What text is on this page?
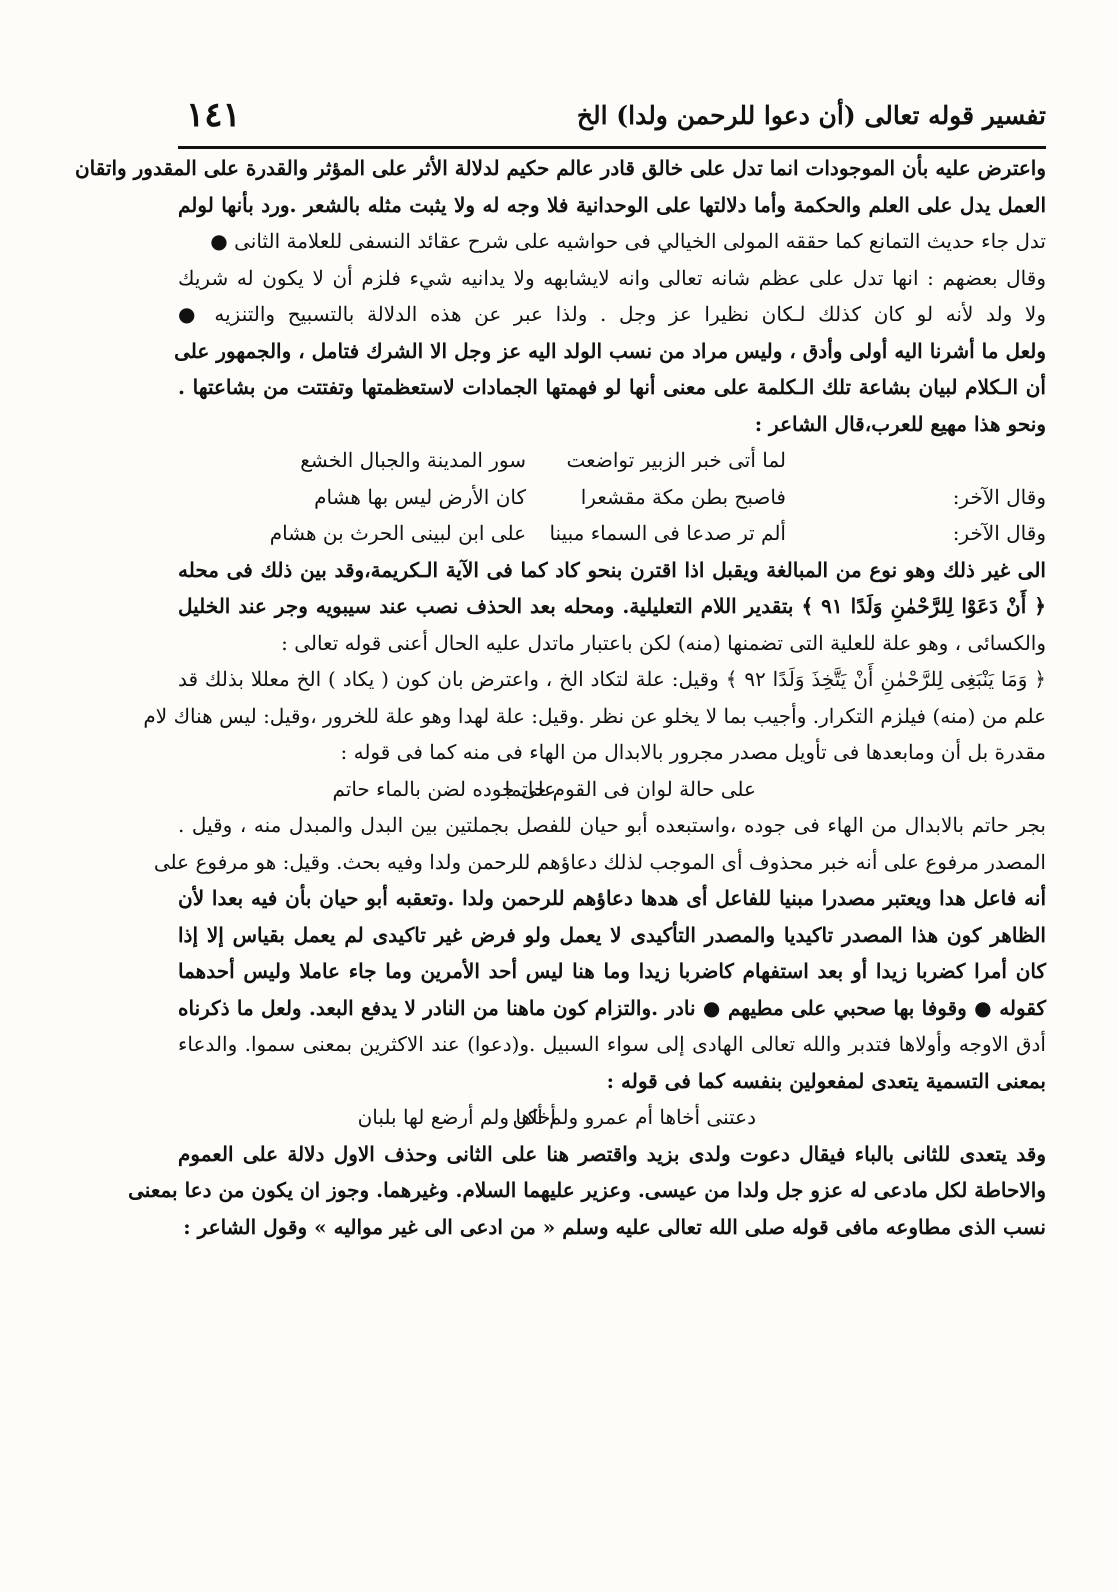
تفسير قوله تعالى (أن دعوا للرحمن ولدا) الخ
١٤١
واعترض عليه بأن الموجودات انما تدل على خالق قادر عالم حكيم لدلالة الأثر على المؤثر والقدرة على المقدور واتقان
العمل يدل على العلم والحكمة وأما دلالتها على الوحدانية فلا وجه له ولا يثبت مثله بالشعر .ورد بأنها لولم
تدل جاء حديث التمانع كما حققه المولى الخيالي فى حواشيه على شرح عقائد النسفى للعلامة الثانى ●
وقال بعضهم : انها تدل على عظم شانه تعالى وانه لايشابهه ولا يدانيه شيء فلزم أن لا يكون له شريك
ولا ولد لأنه لو كان كذلك لـكان نظيرا عز وجل . ولذا عبر عن هذه الدلالة بالتسبيح والتنزيه ●
ولعل ما أشرنا اليه أولى وأدق ، وليس مراد من نسب الولد اليه عز وجل الا الشرك فتامل ، والجمهور على
أن الـكلام لبيان بشاعة تلك الـكلمة على معنى أنها لو فهمتها الجمادات لاستعظمتها وتفتتت من بشاعتها .
ونحو هذا مهيع للعرب،قال الشاعر :
لما أتى خبر الزبير تواضعت
سور المدينة والجبال الخشع
وقال الآخر:
فاصبح بطن مكة مقشعرا
كان الأرض ليس بها هشام
وقال الآخر:
ألم تر صدعا فى السماء مبينا
على ابن لبينى الحرث بن هشام
الى غير ذلك وهو نوع من المبالغة ويقبل اذا اقترن بنحو كاد كما فى الآية الـكريمة،وقد بين ذلك فى محله
﴿ أَنْ دَعَوْا لِلرَّحْمٰنِ وَلَدًا ٩١ ﴾ بتقدير اللام التعليلية. ومحله بعد الحذف نصب عند سيبويه وجر عند الخليل
والكسائى ، وهو علة للعلية التى تضمنها (منه) لكن باعتبار ماتدل عليه الحال أعنى قوله تعالى :
﴿ وَمَا يَنْبَغِى لِلرَّحْمٰنِ أَنْ يَتَّخِذَ وَلَدًا ٩٢ ﴾ وقيل: علة لتكاد الخ ، واعترض بان كون ( يكاد ) الخ معللا بذلك قد
علم من (منه) فيلزم التكرار. وأجيب بما لا يخلو عن نظر .وقيل: علة لهدا وهو علة للخرور ،وقيل: ليس هناك لام
مقدرة بل أن ومابعدها فى تأويل مصدر مجرور بالابدال من الهاء فى منه كما فى قوله :
على حالة لوان فى القوم حاتما
على جوده لضن بالماء حاتم
بجر حاتم بالابدال من الهاء فى جوده ،واستبعده أبو حيان للفصل بجملتين بين البدل والمبدل منه ، وقيل .
المصدر مرفوع على أنه خبر محذوف أى الموجب لذلك دعاؤهم للرحمن ولدا وفيه بحث. وقيل: هو مرفوع على
أنه فاعل هدا ويعتبر مصدرا مبنيا للفاعل أى هدها دعاؤهم للرحمن ولدا .وتعقبه أبو حيان بأن فيه بعدا لأن
الظاهر كون هذا المصدر تاكيديا والمصدر التأكيدى لا يعمل ولو فرض غير تاكيدى لم يعمل بقياس إلا إذا
كان أمرا كضربا زيدا أو بعد استفهام كاضربا زيدا وما هنا ليس أحد الأمرين وما جاء عاملا وليس أحدهما
كقوله ● وقوفا بها صحبي على مطيهم ● نادر .والتزام كون ماهنا من النادر لا يدفع البعد. ولعل ما ذكرناه
أدق الاوجه وأولاها فتدبر والله تعالى الهادى إلى سواء السبيل .و(دعوا) عند الاكثرين بمعنى سموا. والدعاء
بمعنى التسمية يتعدى لمفعولين بنفسه كما فى قوله :
دعتنى أخاها أم عمرو ولم أكن
أخاها ولم أرضع لها بلبان
وقد يتعدى للثانى بالباء فيقال دعوت ولدى بزيد واقتصر هنا على الثانى وحذف الاول دلالة على العموم
والاحاطة لكل مادعى له عزو جل ولدا من عيسى. وعزير عليهما السلام. وغيرهما. وجوز ان يكون من دعا بمعنى
نسب الذى مطاوعه مافى قوله صلى الله تعالى عليه وسلم « من ادعى الى غير مواليه » وقول الشاعر :
